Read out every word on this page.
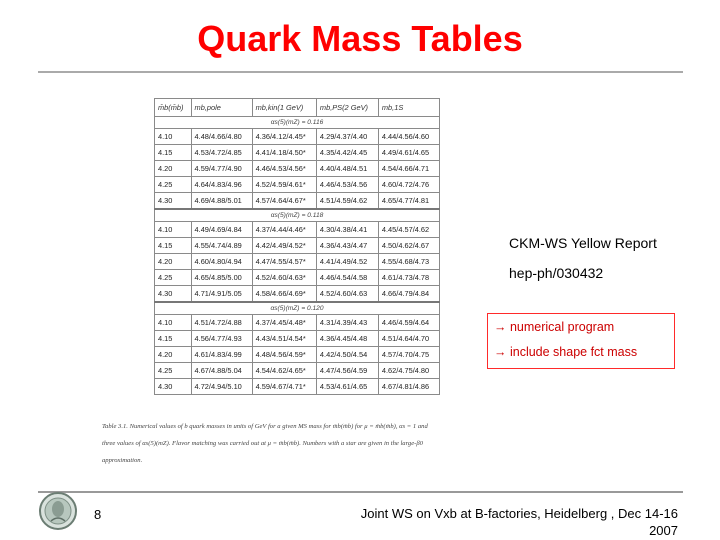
Quark Mass Tables
m̄b(m̄b)	mb,pole	mb,kin(1 GeV)	mb,PS(2 GeV)	mb,1S
αs(5)(mZ) = 0.116				
4.10	4.48/4.66/4.80	4.36/4.12/4.45*	4.29/4.37/4.40	4.44/4.56/4.60
4.15	4.53/4.72/4.85	4.41/4.18/4.50*	4.35/4.42/4.45	4.49/4.61/4.65
4.20	4.59/4.77/4.90	4.46/4.53/4.56*	4.40/4.48/4.51	4.54/4.66/4.71
4.25	4.64/4.83/4.96	4.52/4.59/4.61*	4.46/4.53/4.56	4.60/4.72/4.76
4.30	4.69/4.88/5.01	4.57/4.64/4.67*	4.51/4.59/4.62	4.65/4.77/4.81
αs(5)(mZ) = 0.118				
4.10	4.49/4.69/4.84	4.37/4.44/4.46*	4.30/4.38/4.41	4.45/4.57/4.62
4.15	4.55/4.74/4.89	4.42/4.49/4.52*	4.36/4.43/4.47	4.50/4.62/4.67
4.20	4.60/4.80/4.94	4.47/4.55/4.57*	4.41/4.49/4.52	4.55/4.68/4.73
4.25	4.65/4.85/5.00	4.52/4.60/4.63*	4.46/4.54/4.58	4.61/4.73/4.78
4.30	4.71/4.91/5.05	4.58/4.66/4.69*	4.52/4.60/4.63	4.66/4.79/4.84
αs(5)(mZ) = 0.120				
4.10	4.51/4.72/4.88	4.37/4.45/4.48*	4.31/4.39/4.43	4.46/4.59/4.64
4.15	4.56/4.77/4.93	4.43/4.51/4.54*	4.36/4.45/4.48	4.51/4.64/4.70
4.20	4.61/4.83/4.99	4.48/4.56/4.59*	4.42/4.50/4.54	4.57/4.70/4.75
4.25	4.67/4.88/5.04	4.54/4.62/4.65*	4.47/4.56/4.59	4.62/4.75/4.80
4.30	4.72/4.94/5.10	4.59/4.67/4.71*	4.53/4.61/4.65	4.67/4.81/4.86
Table 3.1. Numerical values of b quark masses in units of GeV for a given MS mass for m̄b(m̄b) for μ = m̄b(m̄b), αs = 1 and
three values of αs(5)(mZ). Flavor matching was carried out at μ = m̄b(m̄b). Numbers with a star are given in the large-β0
approximation.
CKM-WS Yellow Report
hep-ph/030432
→ numerical program
→ include shape fct mass
8	Joint WS on Vxb at B-factories, Heidelberg , Dec 14-16
2007
